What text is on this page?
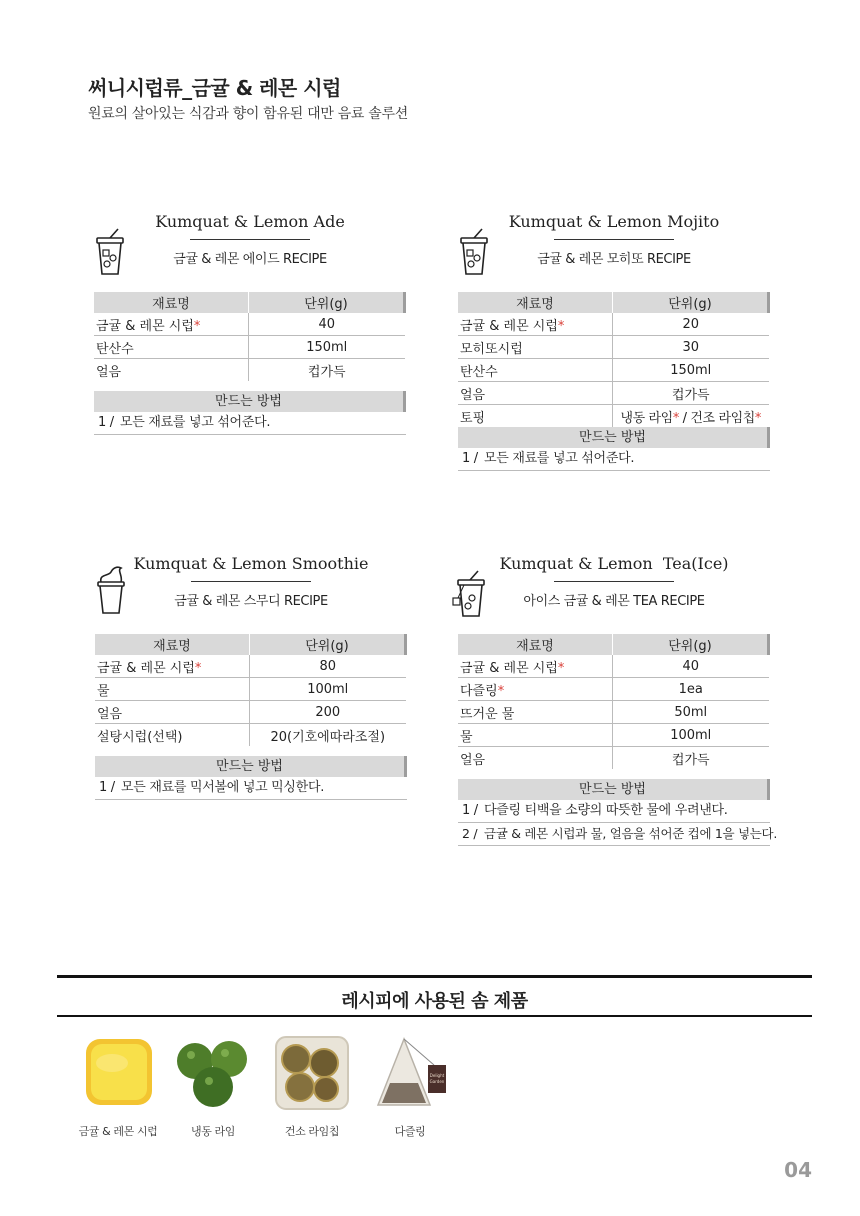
써니시럽류_금귤 & 레몬 시럽
원료의 살아있는 식감과 향이 함유된 대만 음료 솔루션
Kumquat & Lemon Ade
금귤 & 레몬 에이드 RECIPE
재료명	단위(g)
금귤 & 레몬 시럽*	40
탄산수	150ml
얼음	컵가득
만드는 방법
1 / 모든 재료를 넣고 섞어준다.
Kumquat & Lemon Mojito
금귤 & 레몬 모히또 RECIPE
재료명	단위(g)
금귤 & 레몬 시럽*	20
모히또시럽	30
탄산수	150ml
얼음	컵가득
토핑	냉동 라임* / 건조 라임칩*
만드는 방법
1 / 모든 재료를 넣고 섞어준다.
Kumquat & Lemon Smoothie
금귤 & 레몬 스무디 RECIPE
재료명	단위(g)
금귤 & 레몬 시럽*	80
물	100ml
얼음	200
설탕시럽(선택)	20(기호에따라조절)
만드는 방법
1 / 모든 재료를 믹서볼에 넣고 믹싱한다.
Kumquat & Lemon  Tea(Ice)
아이스 금귤 & 레몬 TEA RECIPE
재료명	단위(g)
금귤 & 레몬 시럽*	40
다즐링*	1ea
뜨거운 물	50ml
물	100ml
얼음	컵가득
만드는 방법
1 / 다즐링 티백을 소량의 따뜻한 물에 우려낸다.
2 / 금귤 & 레몬 시럽과 물, 얼음을 섞어준 컵에 1을 넣는다.
레시피에 사용된 솜 제품
금귤 & 레몬 시럽	냉동 라임	건소 라임칩
Delight
Garden
다즐링
04
